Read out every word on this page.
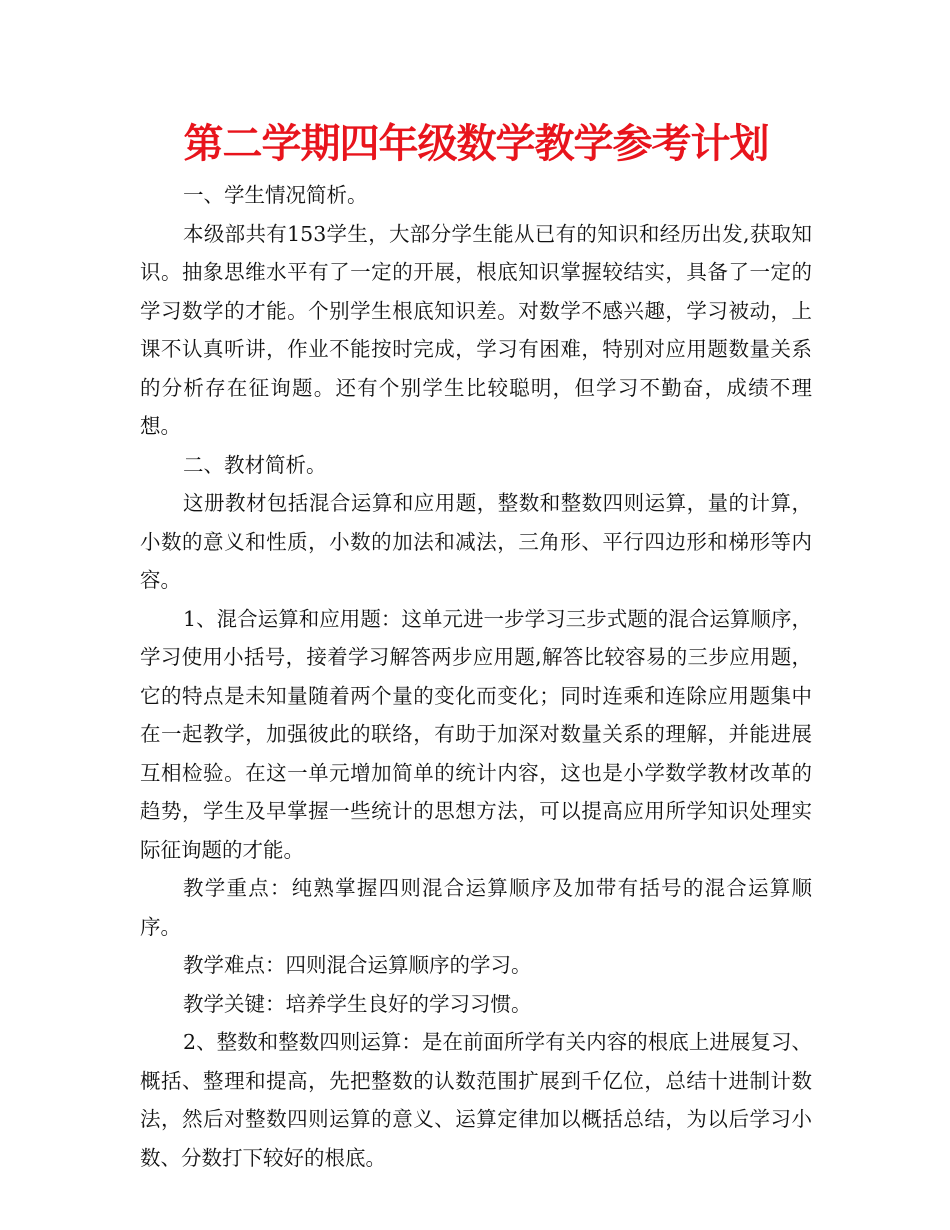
第二学期四年级数学教学参考计划

一、学生情况简析。

本级部共有153学生，大部分学生能从已有的知识和经历出发,获取知识。抽象思维水平有了一定的开展，根底知识掌握较结实，具备了一定的学习数学的才能。个别学生根底知识差。对数学不感兴趣，学习被动，上课不认真听讲，作业不能按时完成，学习有困难，特别对应用题数量关系的分析存在征询题。还有个别学生比较聪明，但学习不勤奋，成绩不理想。

二、教材简析。

这册教材包括混合运算和应用题，整数和整数四则运算，量的计算，小数的意义和性质，小数的加法和减法，三角形、平行四边形和梯形等内容。

1、混合运算和应用题：这单元进一步学习三步式题的混合运算顺序，学习使用小括号，接着学习解答两步应用题,解答比较容易的三步应用题，它的特点是未知量随着两个量的变化而变化；同时连乘和连除应用题集中在一起教学，加强彼此的联络，有助于加深对数量关系的理解，并能进展互相检验。在这一单元增加简单的统计内容，这也是小学数学教材改革的趋势，学生及早掌握一些统计的思想方法，可以提高应用所学知识处理实际征询题的才能。

教学重点：纯熟掌握四则混合运算顺序及加带有括号的混合运算顺序。

教学难点：四则混合运算顺序的学习。

教学关键：培养学生良好的学习习惯。

2、整数和整数四则运算：是在前面所学有关内容的根底上进展复习、概括、整理和提高，先把整数的认数范围扩展到千亿位，总结十进制计数法，然后对整数四则运算的意义、运算定律加以概括总结，为以后学习小数、分数打下较好的根底。
